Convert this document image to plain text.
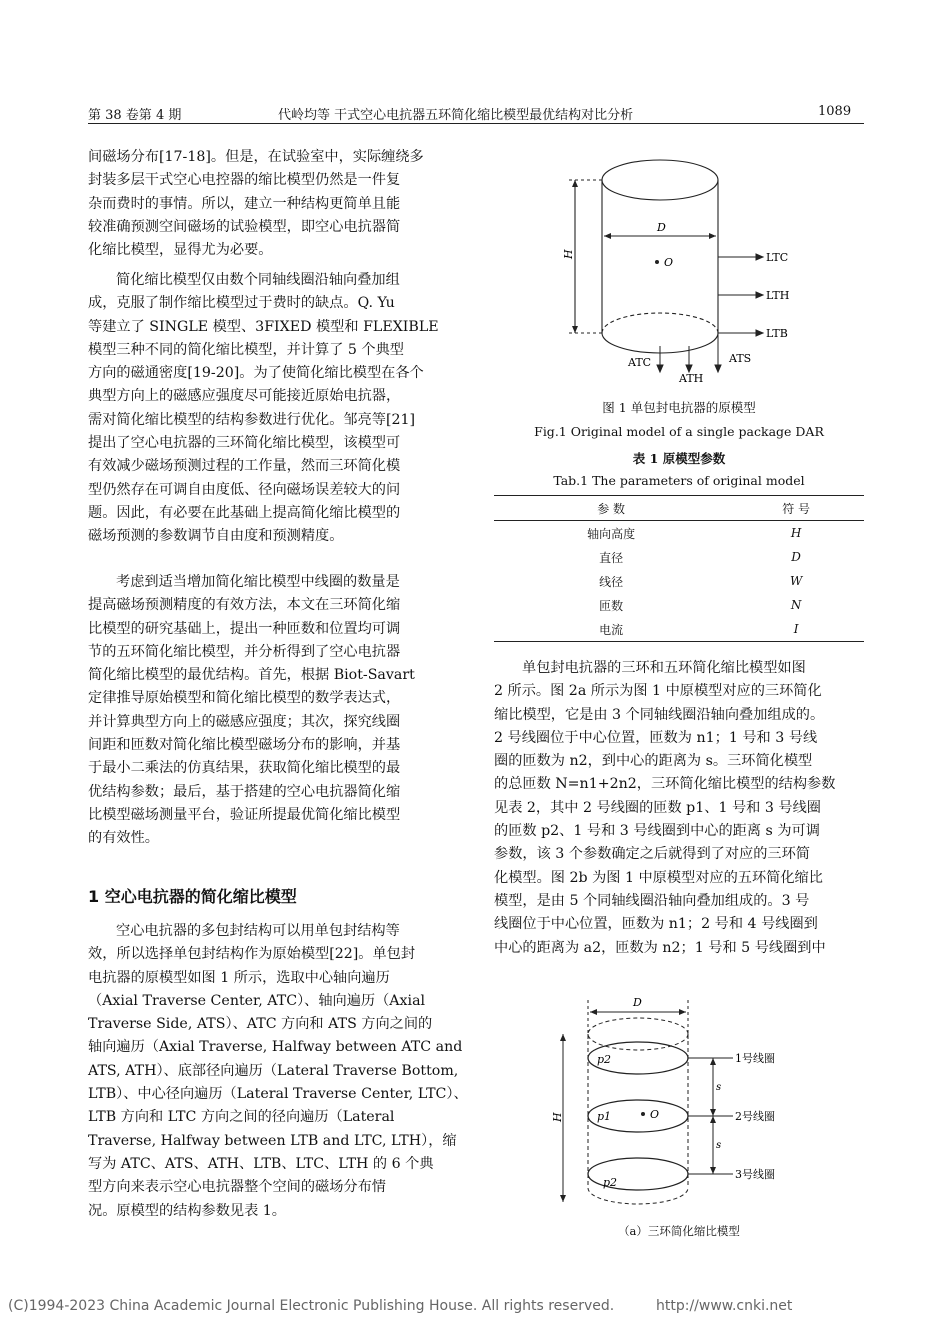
第 38 卷第 4 期	代岭均等 干式空心电抗器五环简化缩比模型最优结构对比分析	1089
间磁场分布[17-18]。但是，在试验室中，实际缠绕多
封装多层干式空心电控器的缩比模型仍然是一件复
杂而费时的事情。所以，建立一种结构更简单且能
较准确预测空间磁场的试验模型，即空心电抗器简
化缩比模型，显得尤为必要。
简化缩比模型仅由数个同轴线圈沿轴向叠加组
成，克服了制作缩比模型过于费时的缺点。Q. Yu
等建立了 SINGLE 模型、3FIXED 模型和 FLEXIBLE
模型三种不同的简化缩比模型，并计算了 5 个典型
方向的磁通密度[19-20]。为了使简化缩比模型在各个
典型方向上的磁感应强度尽可能接近原始电抗器，
需对简化缩比模型的结构参数进行优化。邹亮等[21]
提出了空心电抗器的三环简化缩比模型，该模型可
有效减少磁场预测过程的工作量，然而三环简化模
型仍然存在可调自由度低、径向磁场误差较大的问
题。因此，有必要在此基础上提高简化缩比模型的
磁场预测的参数调节自由度和预测精度。
考虑到适当增加简化缩比模型中线圈的数量是
提高磁场预测精度的有效方法，本文在三环简化缩
比模型的研究基础上，提出一种匝数和位置均可调
节的五环简化缩比模型，并分析得到了空心电抗器
简化缩比模型的最优结构。首先，根据 Biot-Savart
定律推导原始模型和简化缩比模型的数学表达式，
并计算典型方向上的磁感应强度；其次，探究线圈
间距和匝数对简化缩比模型磁场分布的影响，并基
于最小二乘法的仿真结果，获取简化缩比模型的最
优结构参数；最后，基于搭建的空心电抗器简化缩
比模型磁场测量平台，验证所提最优简化缩比模型
的有效性。
1 空心电抗器的简化缩比模型
空心电抗器的多包封结构可以用单包封结构等
效，所以选择单包封结构作为原始模型[22]。单包封
电抗器的原模型如图 1 所示，选取中心轴向遍历
（Axial Traverse Center, ATC）、轴向遍历（Axial
Traverse Side, ATS）、ATC 方向和 ATS 方向之间的
轴向遍历（Axial Traverse, Halfway between ATC and
ATS, ATH）、底部径向遍历（Lateral Traverse Bottom,
LTB）、中心径向遍历（Lateral Traverse Center, LTC）、
LTB 方向和 LTC 方向之间的径向遍历（Lateral
Traverse, Halfway between LTB and LTC, LTH），缩
写为 ATC、ATS、ATH、LTB、LTC、LTH 的 6 个典
型方向来表示空心电抗器整个空间的磁场分布情
况。原模型的结构参数见表 1。
D
H
O	LTC
LTH
LTB
ATC
ATH
ATS
图 1 单包封电抗器的原模型
Fig.1 Original model of a single package DAR
表 1 原模型参数
Tab.1 The parameters of original model
参 数	符 号
轴向高度	H
直径	D
线径	W
匝数	N
电流	I
单包封电抗器的三环和五环简化缩比模型如图
2 所示。图 2a 所示为图 1 中原模型对应的三环简化
缩比模型，它是由 3 个同轴线圈沿轴向叠加组成的。
2 号线圈位于中心位置，匝数为 n1；1 号和 3 号线
圈的匝数为 n2，到中心的距离为 s。三环简化模型
的总匝数 N=n1+2n2，三环简化缩比模型的结构参数
见表 2，其中 2 号线圈的匝数 p1、1 号和 3 号线圈
的匝数 p2、1 号和 3 号线圈到中心的距离 s 为可调
参数，该 3 个参数确定之后就得到了对应的三环简
化模型。图 2b 为图 1 中原模型对应的五环简化缩比
模型，是由 5 个同轴线圈沿轴向叠加组成的。3 号
线圈位于中心位置，匝数为 n1；2 号和 4 号线圈到
中心的距离为 a2，匝数为 n2；1 号和 5 号线圈到中
D
H	O
p1
p2
p2
s
s
1号线圈
2号线圈
3号线圈
（a）三环简化缩比模型
(C)1994-2023 China Academic Journal Electronic Publishing House. All rights reserved.	http://www.cnki.net
